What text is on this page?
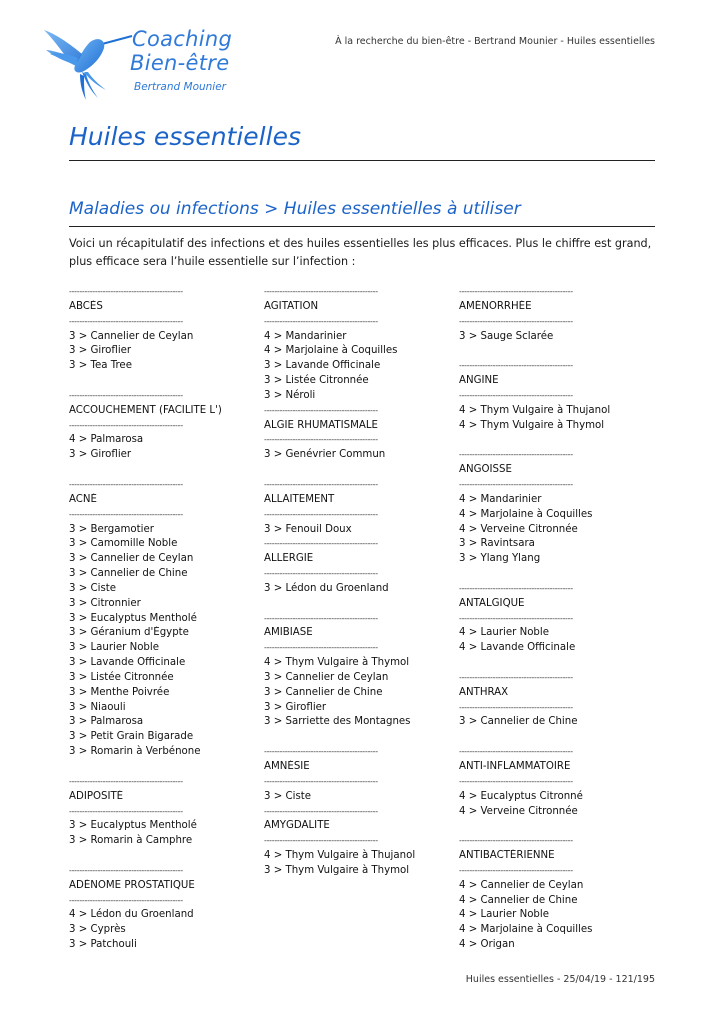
Coaching
Bien-être
Bertrand Mounier
À la recherche du bien-être - Bertrand Mounier - Huiles essentielles
Huiles essentielles
Maladies ou infections > Huiles essentielles à utiliser

Voici un récapitulatif des infections et des huiles essentielles les plus efficaces. Plus le chiffre est grand, plus efficace sera l’huile essentielle sur l’infection :

--------------------------------------------
ABCÈS
--------------------------------------------
3 > Cannelier de Ceylan
3 > Giroflier
3 > Tea Tree

--------------------------------------------
ACCOUCHEMENT (FACILITE L')
--------------------------------------------
4 > Palmarosa
3 > Giroflier

--------------------------------------------
ACNÉ
--------------------------------------------
3 > Bergamotier
3 > Camomille Noble
3 > Cannelier de Ceylan
3 > Cannelier de Chine
3 > Ciste
3 > Citronnier
3 > Eucalyptus Mentholé
3 > Géranium d'Égypte
3 > Laurier Noble
3 > Lavande Officinale
3 > Listée Citronnée
3 > Menthe Poivrée
3 > Niaouli
3 > Palmarosa
3 > Petit Grain Bigarade
3 > Romarin à Verbénone

--------------------------------------------
ADIPOSITÉ
--------------------------------------------
3 > Eucalyptus Mentholé
3 > Romarin à Camphre

--------------------------------------------
ADÉNOME PROSTATIQUE
--------------------------------------------
4 > Lédon du Groenland
3 > Cyprès
3 > Patchouli
--------------------------------------------
AGITATION
--------------------------------------------
4 > Mandarinier
4 > Marjolaine à Coquilles
3 > Lavande Officinale
3 > Listée Citronnée
3 > Néroli
--------------------------------------------
ALGIE RHUMATISMALE
--------------------------------------------
3 > Genévrier Commun

--------------------------------------------
ALLAITEMENT
--------------------------------------------
3 > Fenouil Doux
--------------------------------------------
ALLERGIE
--------------------------------------------
3 > Lédon du Groenland

--------------------------------------------
AMIBIASE
--------------------------------------------
4 > Thym Vulgaire à Thymol
3 > Cannelier de Ceylan
3 > Cannelier de Chine
3 > Giroflier
3 > Sarriette des Montagnes

--------------------------------------------
AMNÉSIE
--------------------------------------------
3 > Ciste
--------------------------------------------
AMYGDALITE
--------------------------------------------
4 > Thym Vulgaire à Thujanol
3 > Thym Vulgaire à Thymol
--------------------------------------------
AMÉNORRHÉE
--------------------------------------------
3 > Sauge Sclarée

--------------------------------------------
ANGINE
--------------------------------------------
4 > Thym Vulgaire à Thujanol
4 > Thym Vulgaire à Thymol

--------------------------------------------
ANGOISSE
--------------------------------------------
4 > Mandarinier
4 > Marjolaine à Coquilles
4 > Verveine Citronnée
3 > Ravintsara
3 > Ylang Ylang

--------------------------------------------
ANTALGIQUE
--------------------------------------------
4 > Laurier Noble
4 > Lavande Officinale

--------------------------------------------
ANTHRAX
--------------------------------------------
3 > Cannelier de Chine

--------------------------------------------
ANTI-INFLAMMATOIRE
--------------------------------------------
4 > Eucalyptus Citronné
4 > Verveine Citronnée

--------------------------------------------
ANTIBACTÉRIENNE
--------------------------------------------
4 > Cannelier de Ceylan
4 > Cannelier de Chine
4 > Laurier Noble
4 > Marjolaine à Coquilles
4 > Origan
Huiles essentielles - 25/04/19 - 121/195
